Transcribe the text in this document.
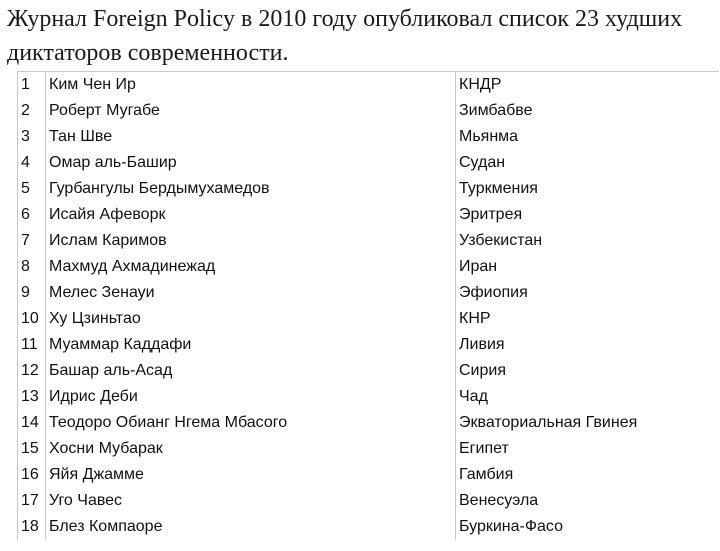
Журнал Foreign Policy в 2010 году опубликовал список 23 худших диктаторов современности.
1	Ким Чен Ир	КНДР
2	Роберт Мугабе	Зимбабве
3	Тан Шве	Мьянма
4	Омар аль-Башир	Судан
5	Гурбангулы Бердымухамедов	Туркмения
6	Исайя Афеворк	Эритрея
7	Ислам Каримов	Узбекистан
8	Махмуд Ахмадинежад	Иран
9	Мелес Зенауи	Эфиопия
10	Ху Цзиньтао	КНР
11	Муаммар Каддафи	Ливия
12	Башар аль-Асад	Сирия
13	Идрис Деби	Чад
14	Теодоро Обианг Нгема Мбасого	Экваториальная Гвинея
15	Хосни Мубарак	Египет
16	Яйя Джамме	Гамбия
17	Уго Чавес	Венесуэла
18	Блез Компаоре	Буркина-Фасо
